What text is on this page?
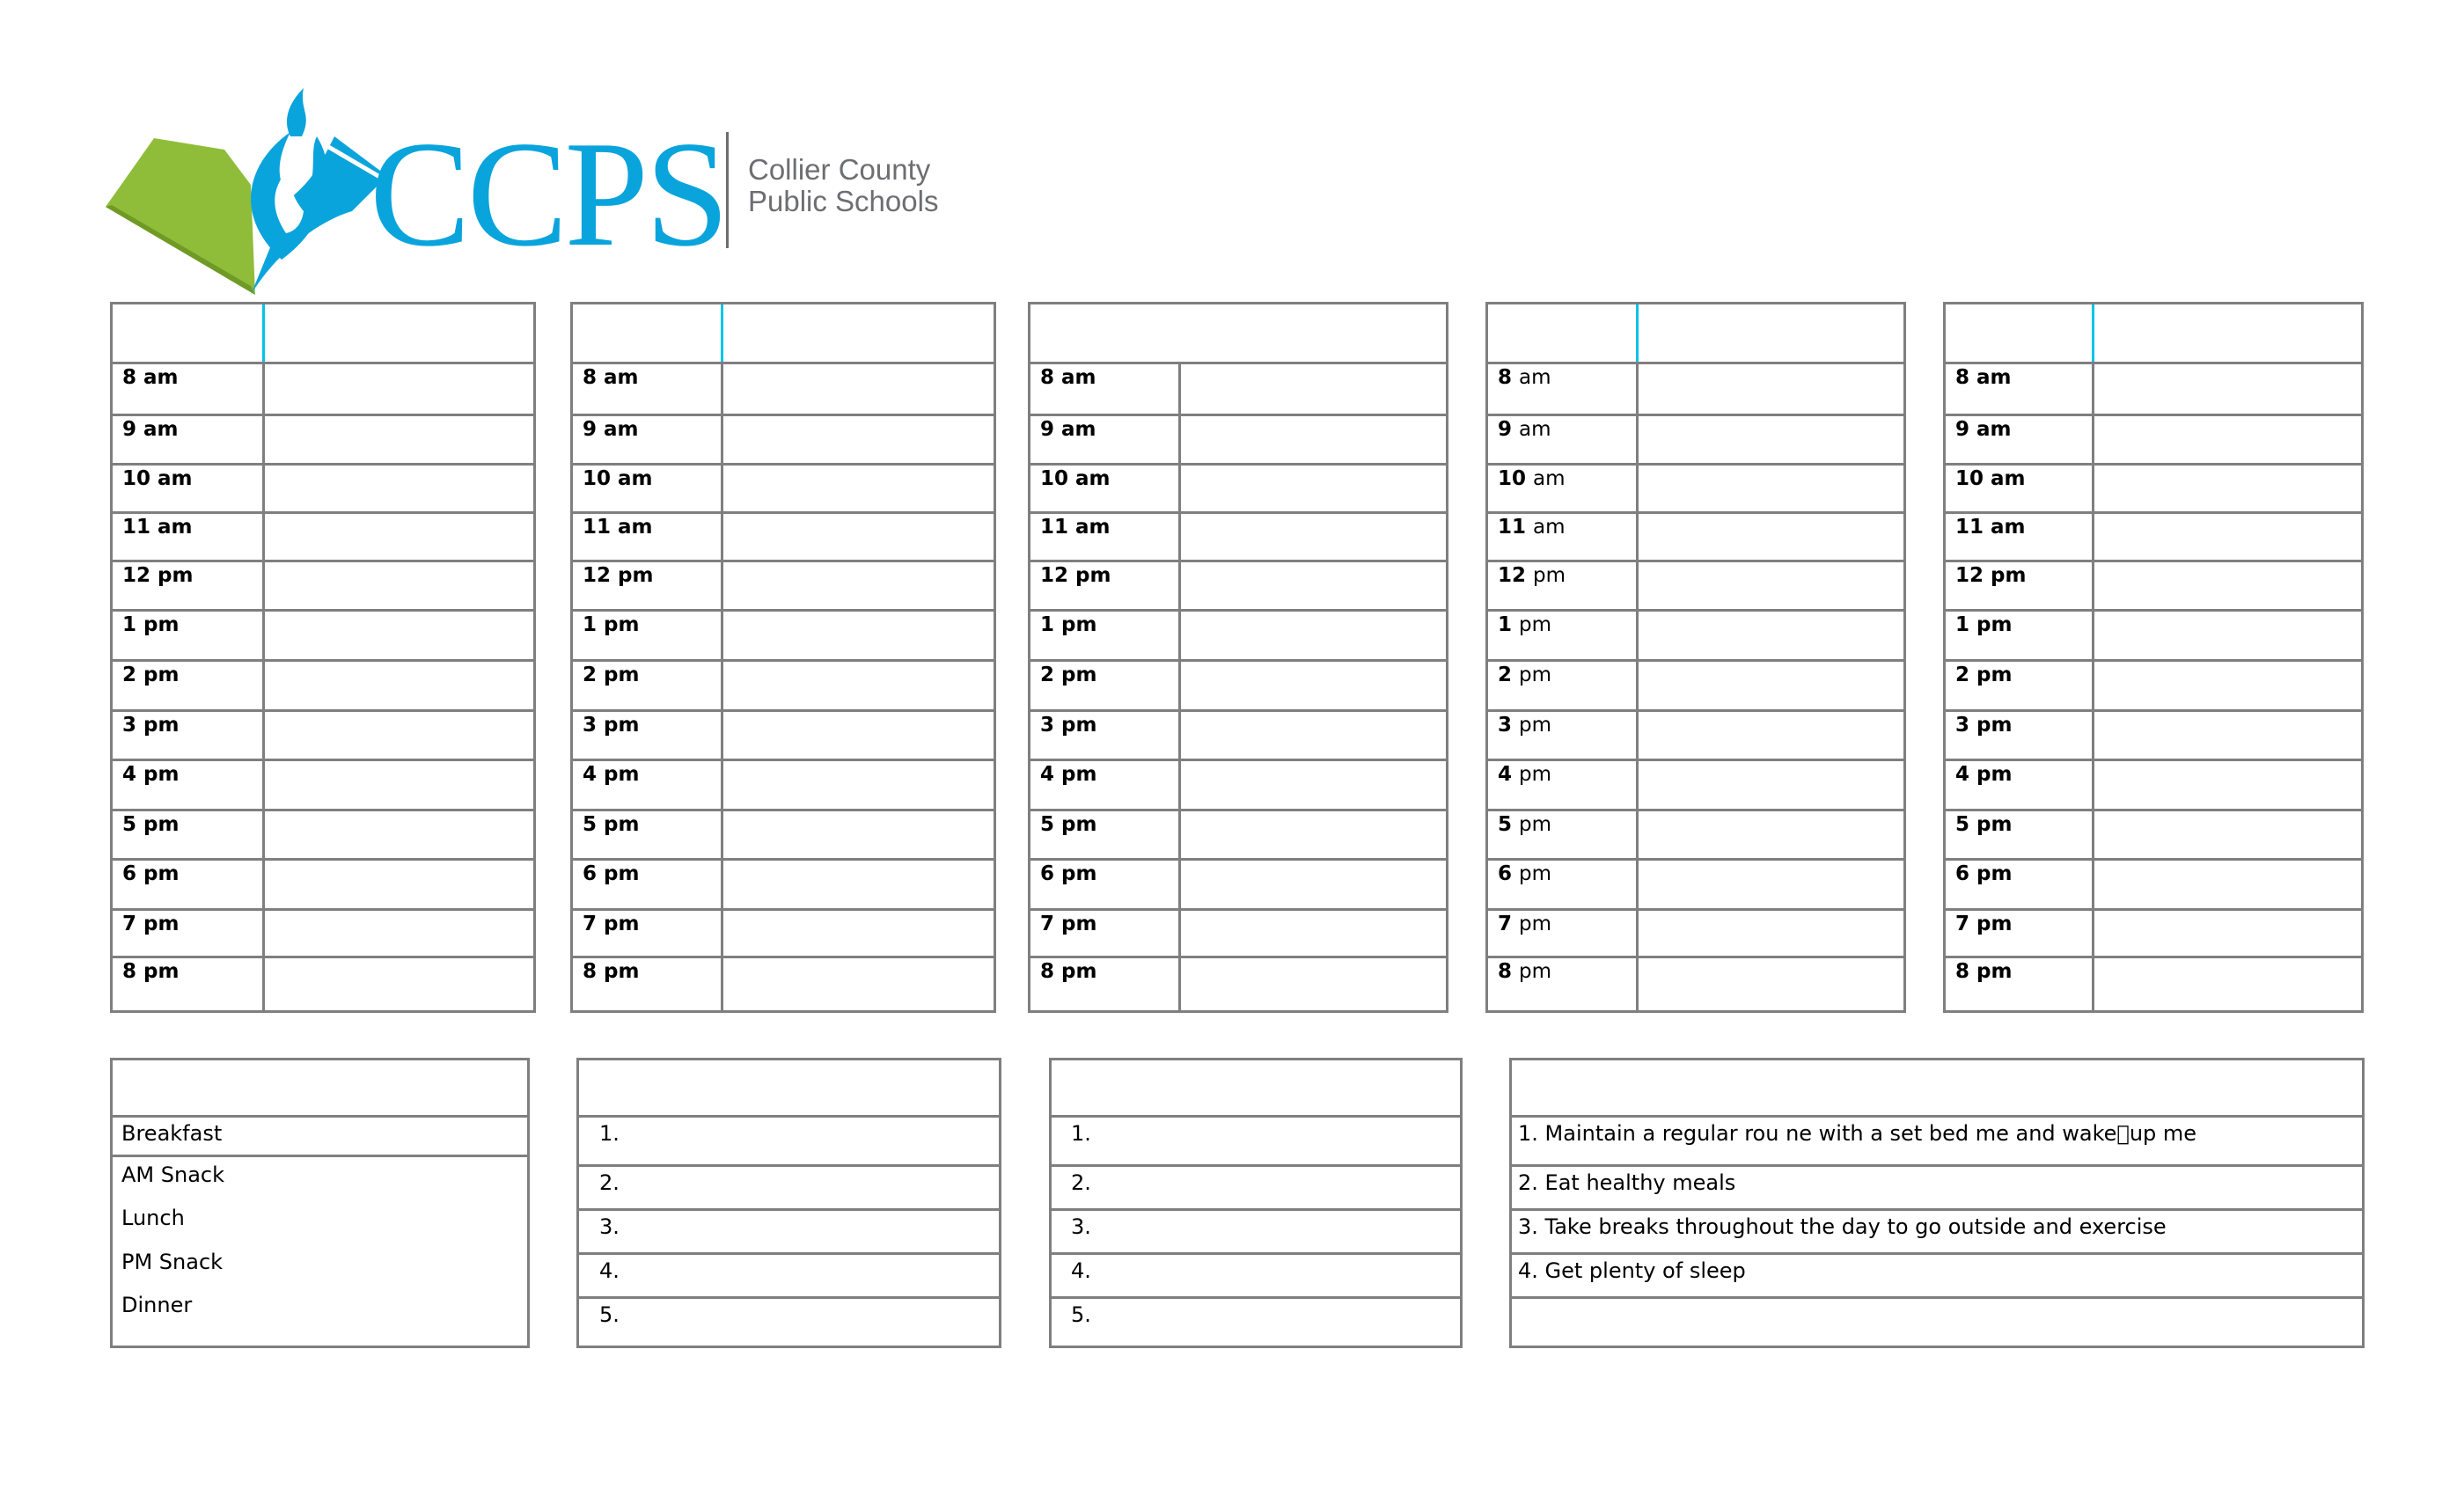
CCPS Collier County
Public Schools
8 am
9 am
10 am
11 am
12 pm
1 pm
2 pm
3 pm
4 pm
5 pm
6 pm
7 pm
8 pm
8 am
9 am
10 am
11 am
12 pm
1 pm
2 pm
3 pm
4 pm
5 pm
6 pm
7 pm
8 pm
8 am
9 am
10 am
11 am
12 pm
1 pm
2 pm
3 pm
4 pm
5 pm
6 pm
7 pm
8 pm
8 am
9 am
10 am
11 am
12 pm
1 pm
2 pm
3 pm
4 pm
5 pm
6 pm
7 pm
8 pm
8 am
9 am
10 am
11 am
12 pm
1 pm
2 pm
3 pm
4 pm
5 pm
6 pm
7 pm
8 pm
Breakfast
AM Snack
Lunch
PM Snack
Dinner
1.
2.
3.
4.
5.
1.
2.
3.
4.
5.
1. Maintain a regular rou ne with a set bed me and wake up me
2. Eat healthy meals
3. Take breaks throughout the day to go outside and exercise
4. Get plenty of sleep
